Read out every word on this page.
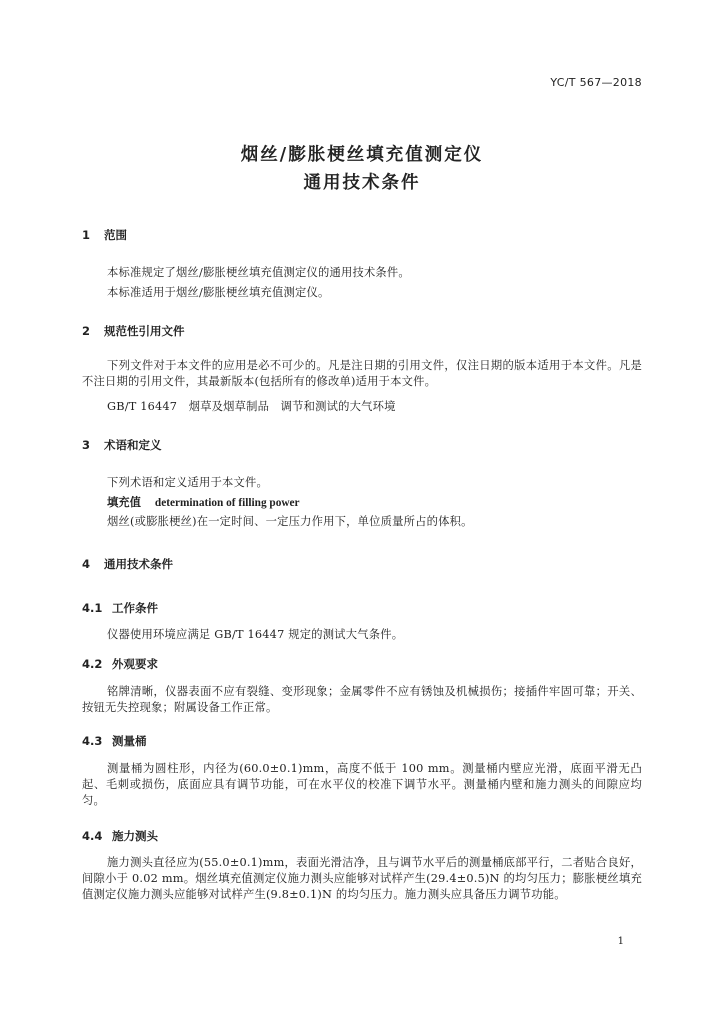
YC/T 567—2018
烟丝/膨胀梗丝填充值测定仪
通用技术条件
1 范围
本标准规定了烟丝/膨胀梗丝填充值测定仪的通用技术条件。
本标准适用于烟丝/膨胀梗丝填充值测定仪。
2 规范性引用文件
下列文件对于本文件的应用是必不可少的。凡是注日期的引用文件，仅注日期的版本适用于本文件。凡是不注日期的引用文件，其最新版本(包括所有的修改单)适用于本文件。
GB/T 16447　烟草及烟草制品　调节和测试的大气环境
3 术语和定义
下列术语和定义适用于本文件。
填充值 determination of filling power
烟丝(或膨胀梗丝)在一定时间、一定压力作用下，单位质量所占的体积。
4 通用技术条件
4.1 工作条件
仪器使用环境应满足 GB/T 16447 规定的测试大气条件。
4.2 外观要求
铭牌清晰，仪器表面不应有裂缝、变形现象；金属零件不应有锈蚀及机械损伤；接插件牢固可靠；开关、按钮无失控现象；附属设备工作正常。
4.3 测量桶
测量桶为圆柱形，内径为(60.0±0.1)mm，高度不低于 100 mm。测量桶内壁应光滑，底面平滑无凸起、毛刺或损伤，底面应具有调节功能，可在水平仪的校准下调节水平。测量桶内壁和施力测头的间隙应均匀。
4.4 施力测头
施力测头直径应为(55.0±0.1)mm，表面光滑洁净，且与调节水平后的测量桶底部平行，二者贴合良好，间隙小于 0.02 mm。烟丝填充值测定仪施力测头应能够对试样产生(29.4±0.5)N 的均匀压力；膨胀梗丝填充值测定仪施力测头应能够对试样产生(9.8±0.1)N 的均匀压力。施力测头应具备压力调节功能。
1
